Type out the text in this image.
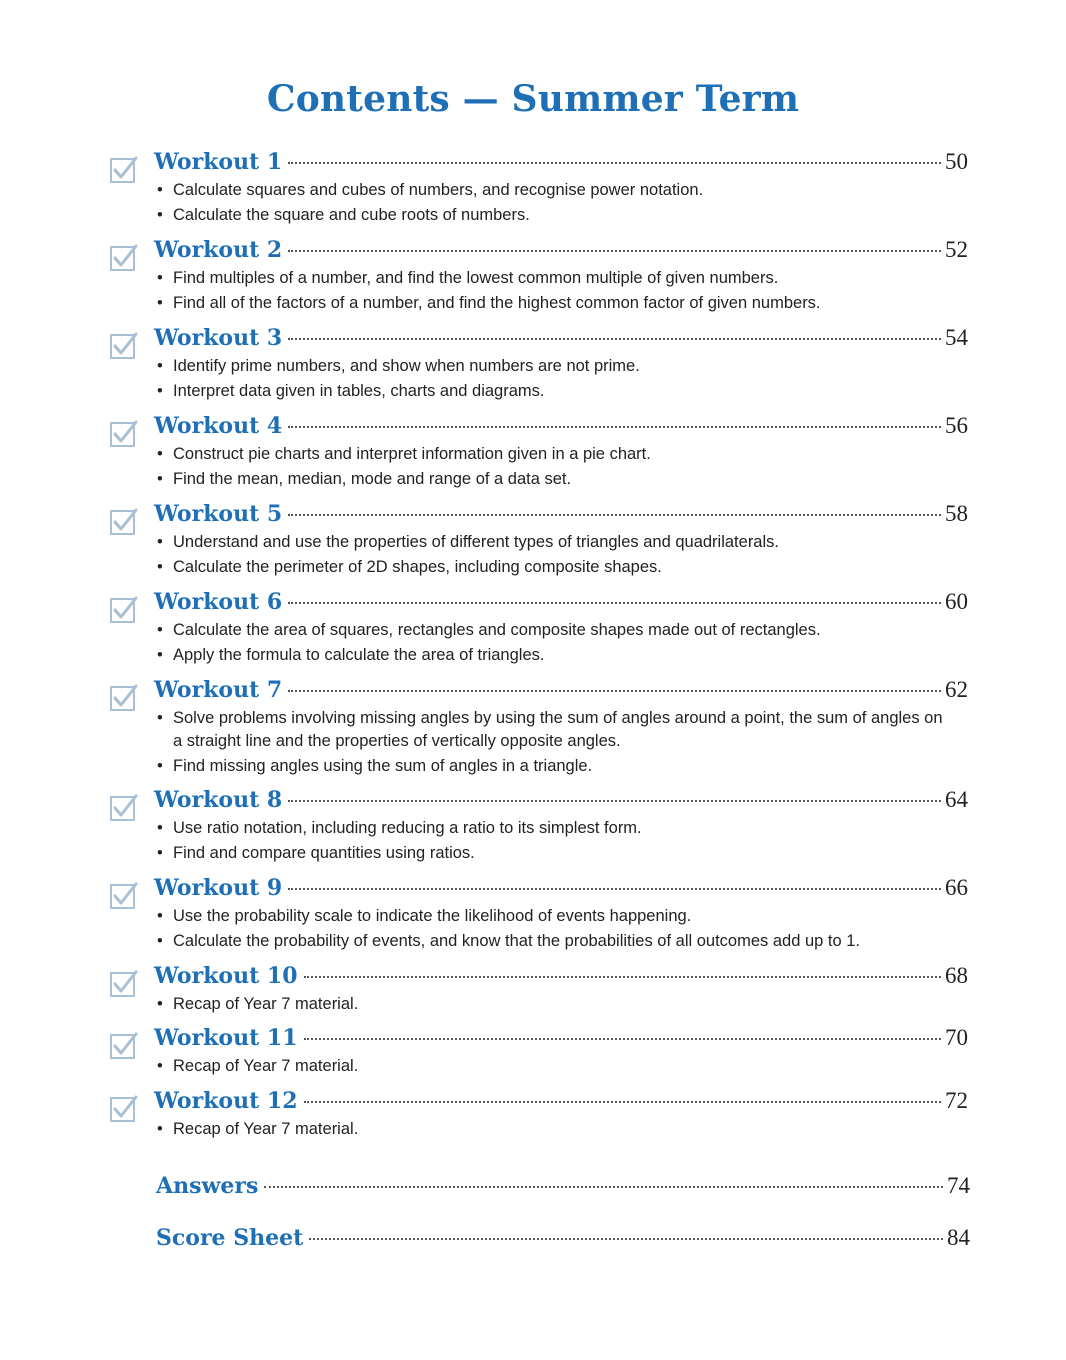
Contents — Summer Term
Workout 1	50
• Calculate squares and cubes of numbers, and recognise power notation.
• Calculate the square and cube roots of numbers.
Workout 2	52
• Find multiples of a number, and find the lowest common multiple of given numbers.
• Find all of the factors of a number, and find the highest common factor of given numbers.
Workout 3	54
• Identify prime numbers, and show when numbers are not prime.
• Interpret data given in tables, charts and diagrams.
Workout 4	56
• Construct pie charts and interpret information given in a pie chart.
• Find the mean, median, mode and range of a data set.
Workout 5	58
• Understand and use the properties of different types of triangles and quadrilaterals.
• Calculate the perimeter of 2D shapes, including composite shapes.
Workout 6	60
• Calculate the area of squares, rectangles and composite shapes made out of rectangles.
• Apply the formula to calculate the area of triangles.
Workout 7	62
• Solve problems involving missing angles by using the sum of angles around a point, the sum of angles on a straight line and the properties of vertically opposite angles.
• Find missing angles using the sum of angles in a triangle.
Workout 8	64
• Use ratio notation, including reducing a ratio to its simplest form.
• Find and compare quantities using ratios.
Workout 9	66
• Use the probability scale to indicate the likelihood of events happening.
• Calculate the probability of events, and know that the probabilities of all outcomes add up to 1.
Workout 10	68
• Recap of Year 7 material.
Workout 11	70
• Recap of Year 7 material.
Workout 12	72
• Recap of Year 7 material.
Answers	74
Score Sheet	84
